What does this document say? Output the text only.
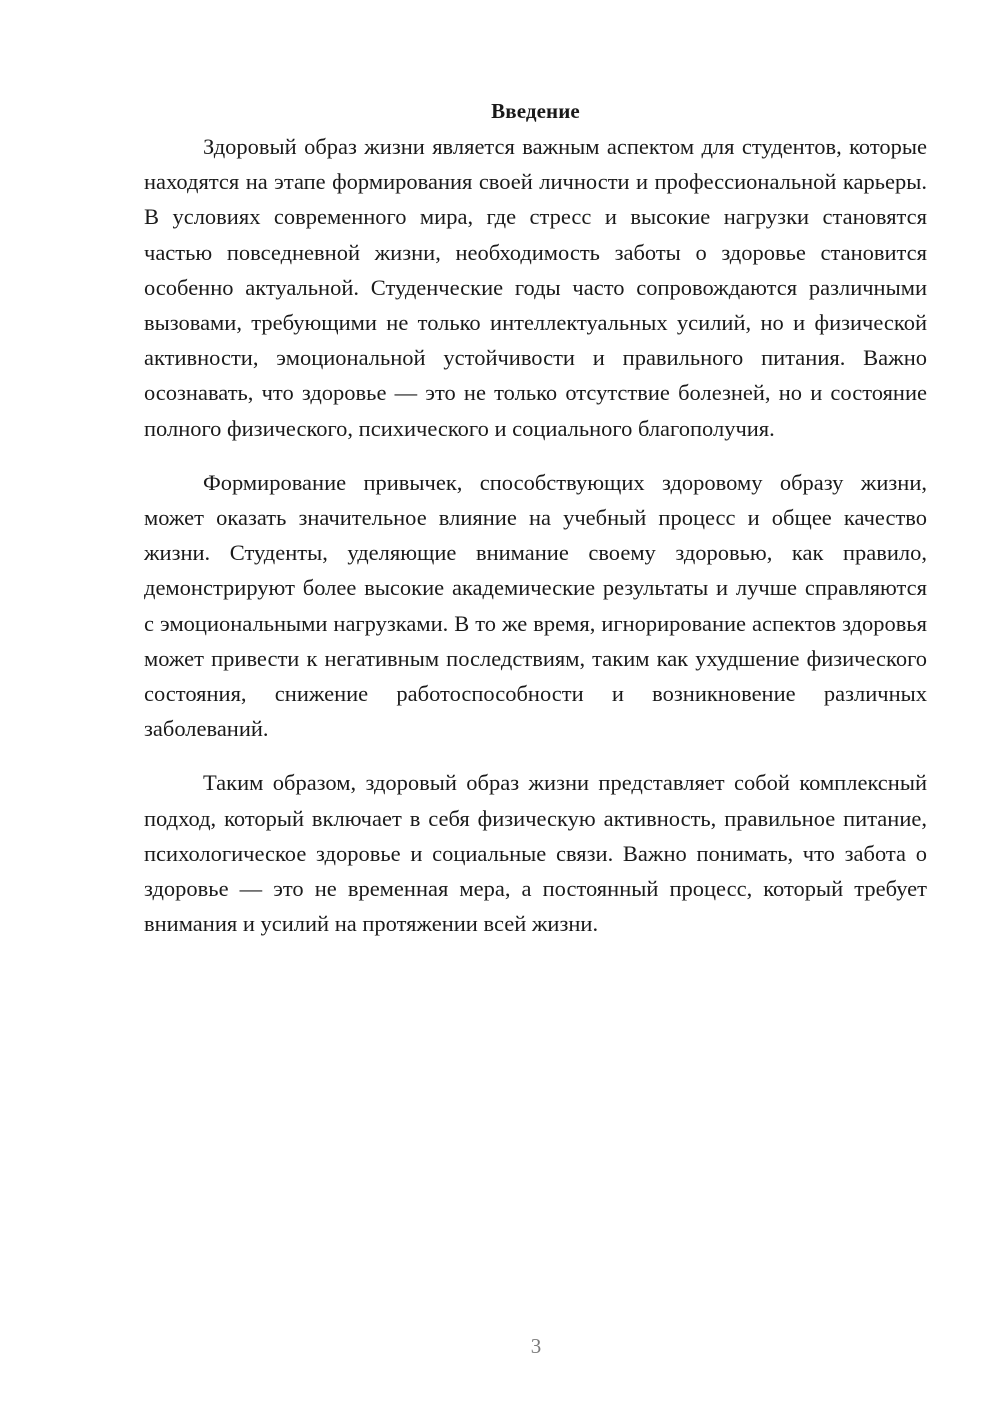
Введение

Здоровый образ жизни является важным аспектом для студентов, которые находятся на этапе формирования своей личности и профессиональной карьеры. В условиях современного мира, где стресс и высокие нагрузки становятся частью повседневной жизни, необходимость заботы о здоровье становится особенно актуальной. Студенческие годы часто сопровождаются различными вызовами, требующими не только интеллектуальных усилий, но и физической активности, эмоциональной устойчивости и правильного питания. Важно осознавать, что здоровье — это не только отсутствие болезней, но и состояние полного физического, психического и социального благополучия.

Формирование привычек, способствующих здоровому образу жизни, может оказать значительное влияние на учебный процесс и общее качество жизни. Студенты, уделяющие внимание своему здоровью, как правило, демонстрируют более высокие академические результаты и лучше справляются с эмоциональными нагрузками. В то же время, игнорирование аспектов здоровья может привести к негативным последствиям, таким как ухудшение физического состояния, снижение работоспособности и возникновение различных заболеваний.

Таким образом, здоровый образ жизни представляет собой комплексный подход, который включает в себя физическую активность, правильное питание, психологическое здоровье и социальные связи. Важно понимать, что забота о здоровье — это не временная мера, а постоянный процесс, который требует внимания и усилий на протяжении всей жизни.

3
